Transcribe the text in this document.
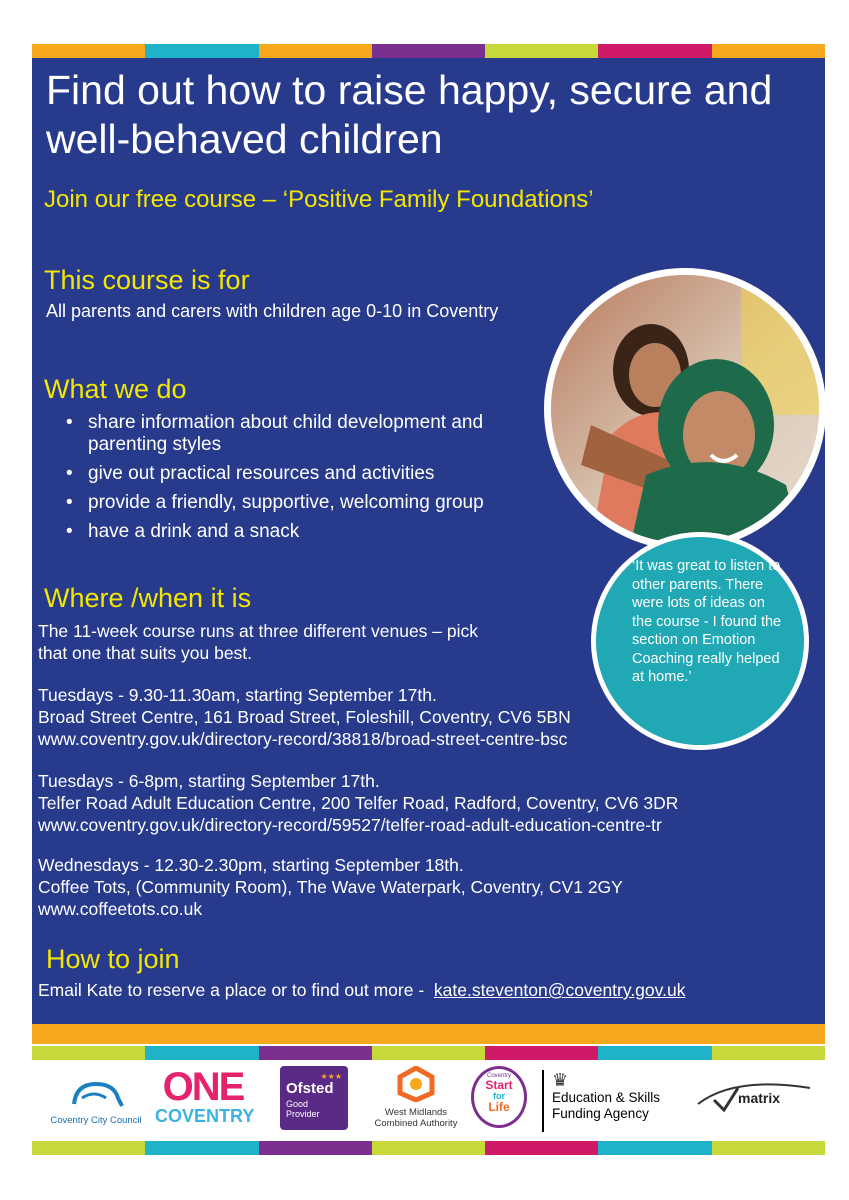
Find out how to raise happy, secure and well-behaved children
Join our free course – ‘Positive Family Foundations’
This course is for
All parents and carers with children age 0-10 in Coventry
What we do
• share information about child development and parenting styles
• give out practical resources and activities
• provide a friendly, supportive, welcoming group
• have a drink and a snack
Where /when it is
The 11-week course runs at three different venues – pick that one that suits you best.
Tuesdays - 9.30-11.30am, starting September 17th.
Broad Street Centre, 161 Broad Street, Foleshill, Coventry, CV6 5BN
www.coventry.gov.uk/directory-record/38818/broad-street-centre-bsc
Tuesdays - 6-8pm, starting September 17th.
Telfer Road Adult Education Centre, 200 Telfer Road, Radford, Coventry, CV6 3DR
www.coventry.gov.uk/directory-record/59527/telfer-road-adult-education-centre-tr
Wednesdays - 12.30-2.30pm, starting September 18th.
Coffee Tots, (Community Room), The Wave Waterpark, Coventry, CV1 2GY
www.coffeetots.co.uk
How to join
Email Kate to reserve a place or to find out more -  kate.steventon@coventry.gov.uk
‘It was great to listen to other parents. There were lots of ideas on the course - I found the section on Emotion Coaching really helped at home.’
Coventry City Council
ONE
COVENTRY
★★★
Ofsted
Good Provider	West Midlands
Combined Authority
Coventry
Start
for
Life
♛
Education & Skills
Funding Agency
matrix
